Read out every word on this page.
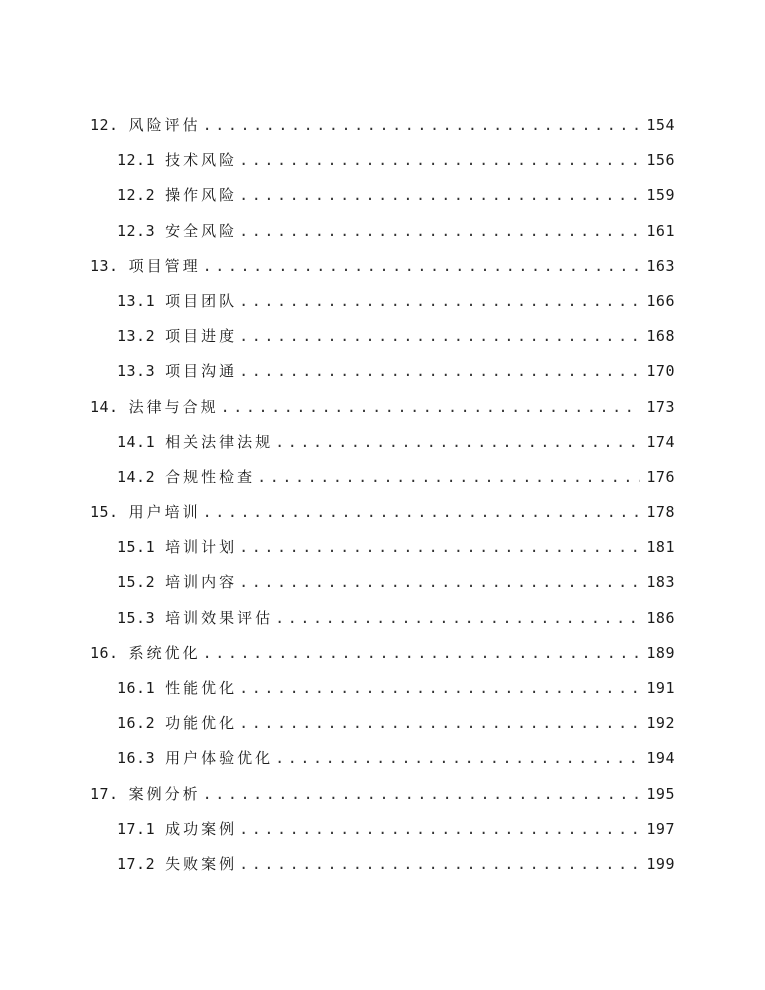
12. 风险评估 .....	154
12.1 技术风险 .....	156
12.2 操作风险 .....	159
12.3 安全风险 .....	161
13. 项目管理 .....	163
13.1 项目团队 .....	166
13.2 项目进度 .....	168
13.3 项目沟通 .....	170
14. 法律与合规 .....	173
14.1 相关法律法规 .....	174
14.2 合规性检查 .....	176
15. 用户培训 .....	178
15.1 培训计划 .....	181
15.2 培训内容 .....	183
15.3 培训效果评估 .....	186
16. 系统优化 .....	189
16.1 性能优化 .....	191
16.2 功能优化 .....	192
16.3 用户体验优化 .....	194
17. 案例分析 .....	195
17.1 成功案例 .....	197
17.2 失败案例 .....	199
